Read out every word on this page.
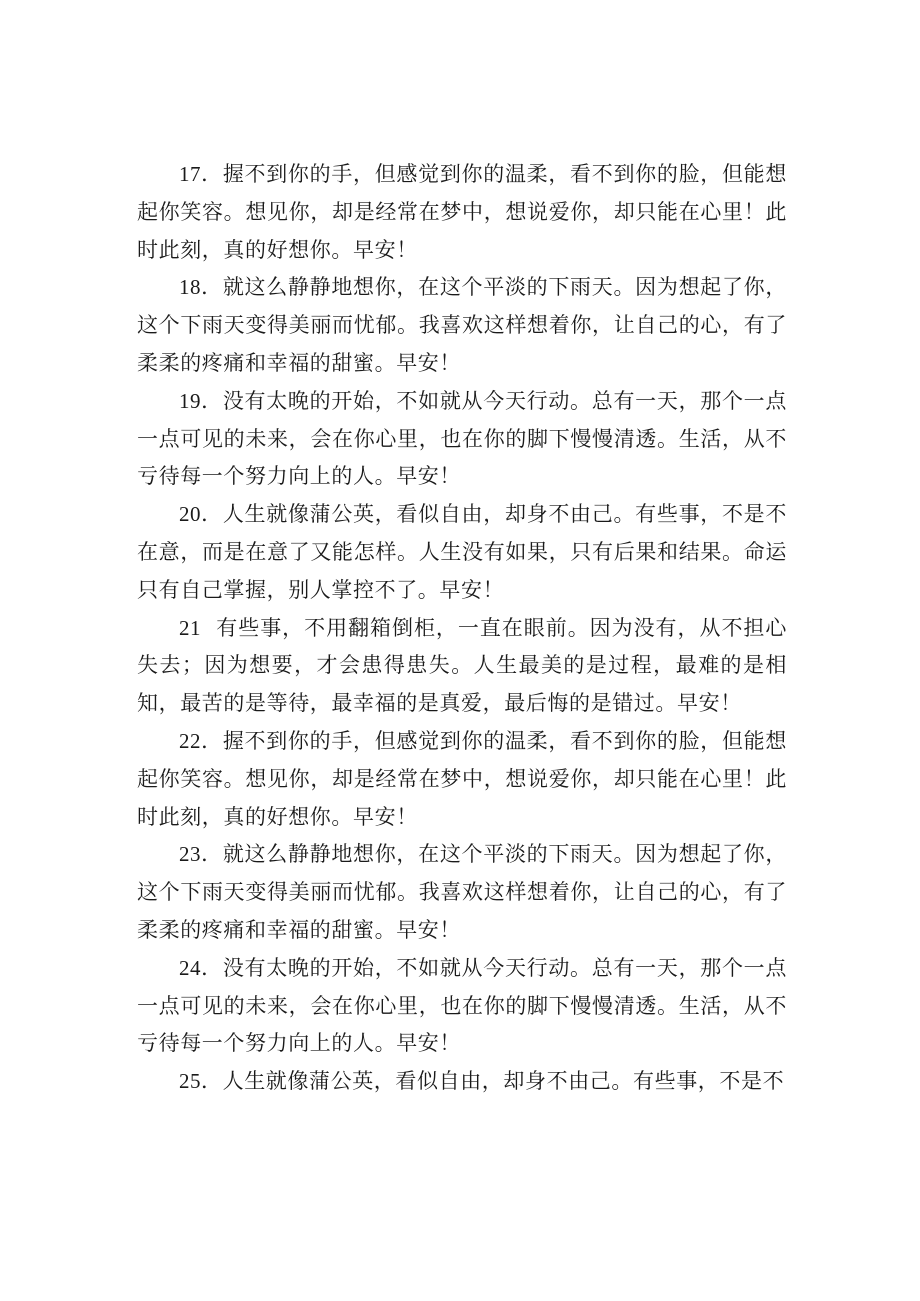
17．握不到你的手，但感觉到你的温柔，看不到你的脸，但能想起你笑容。想见你，却是经常在梦中，想说爱你，却只能在心里！此时此刻，真的好想你。早安！

18．就这么静静地想你，在这个平淡的下雨天。因为想起了你，这个下雨天变得美丽而忧郁。我喜欢这样想着你，让自己的心，有了柔柔的疼痛和幸福的甜蜜。早安！

19．没有太晚的开始，不如就从今天行动。总有一天，那个一点一点可见的未来，会在你心里，也在你的脚下慢慢清透。生活，从不亏待每一个努力向上的人。早安！

20．人生就像蒲公英，看似自由，却身不由己。有些事，不是不在意，而是在意了又能怎样。人生没有如果，只有后果和结果。命运只有自己掌握，别人掌控不了。早安！

21 有些事，不用翻箱倒柜，一直在眼前。因为没有，从不担心失去；因为想要，才会患得患失。人生最美的是过程，最难的是相知，最苦的是等待，最幸福的是真爱，最后悔的是错过。早安！

22．握不到你的手，但感觉到你的温柔，看不到你的脸，但能想起你笑容。想见你，却是经常在梦中，想说爱你，却只能在心里！此时此刻，真的好想你。早安！

23．就这么静静地想你，在这个平淡的下雨天。因为想起了你，这个下雨天变得美丽而忧郁。我喜欢这样想着你，让自己的心，有了柔柔的疼痛和幸福的甜蜜。早安！

24．没有太晚的开始，不如就从今天行动。总有一天，那个一点一点可见的未来，会在你心里，也在你的脚下慢慢清透。生活，从不亏待每一个努力向上的人。早安！

25．人生就像蒲公英，看似自由，却身不由己。有些事，不是不
